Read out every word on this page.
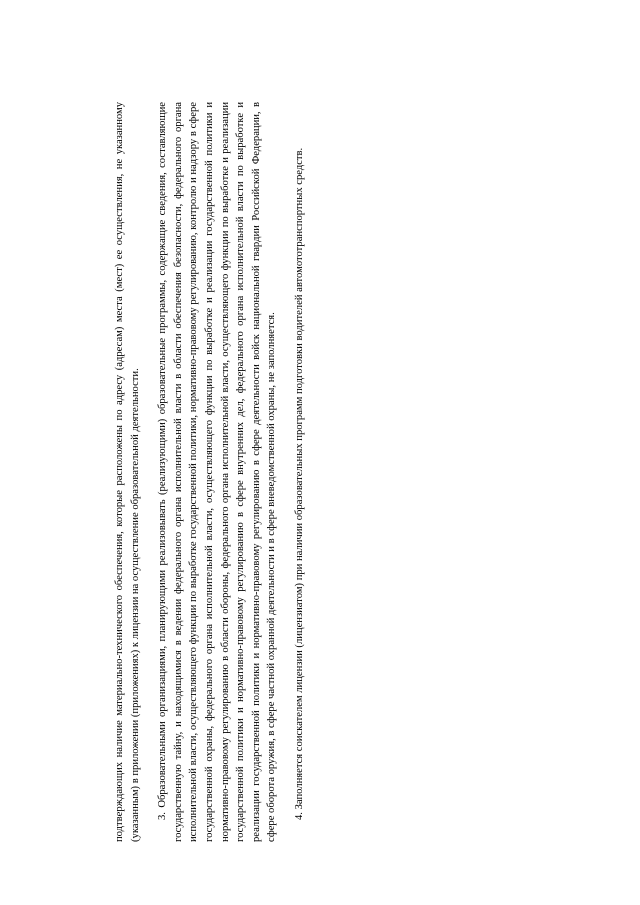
подтверждающих наличие материально-технического обеспечения, которые расположены по адресу (адресам) места (мест) ее осуществления, не указанному (указанным) в приложении (приложениях) к лицензии на осуществление образовательной деятельности. 3. Образовательными организациями, планирующими реализовывать (реализующими) образовательные программы, содержащие сведения, составляющие государственную тайну, и находящимися в ведении федерального органа исполнительной власти в области обеспечения безопасности, федерального органа исполнительной власти, осуществляющего функции по выработке государственной политики, нормативно-правовому регулированию, контролю и надзору в сфере государственной охраны, федерального органа исполнительной власти, осуществляющего функции по выработке и реализации государственной политики и нормативно-правовому регулированию в области обороны, федерального органа исполнительной власти, осуществляющего функции по выработке и реализации государственной политики и нормативно-правовому регулированию в сфере внутренних дел, федерального органа исполнительной власти по выработке и реализации государственной политики и нормативно-правовому регулированию в сфере деятельности войск национальной гвардии Российской Федерации, в сфере оборота оружия, в сфере частной охранной деятельности и в сфере вневедомственной охраны, не заполняется. 4. Заполняется соискателем лицензии (лицензиатом) при наличии образовательных программ подготовки водителей автомототранспортных средств.
